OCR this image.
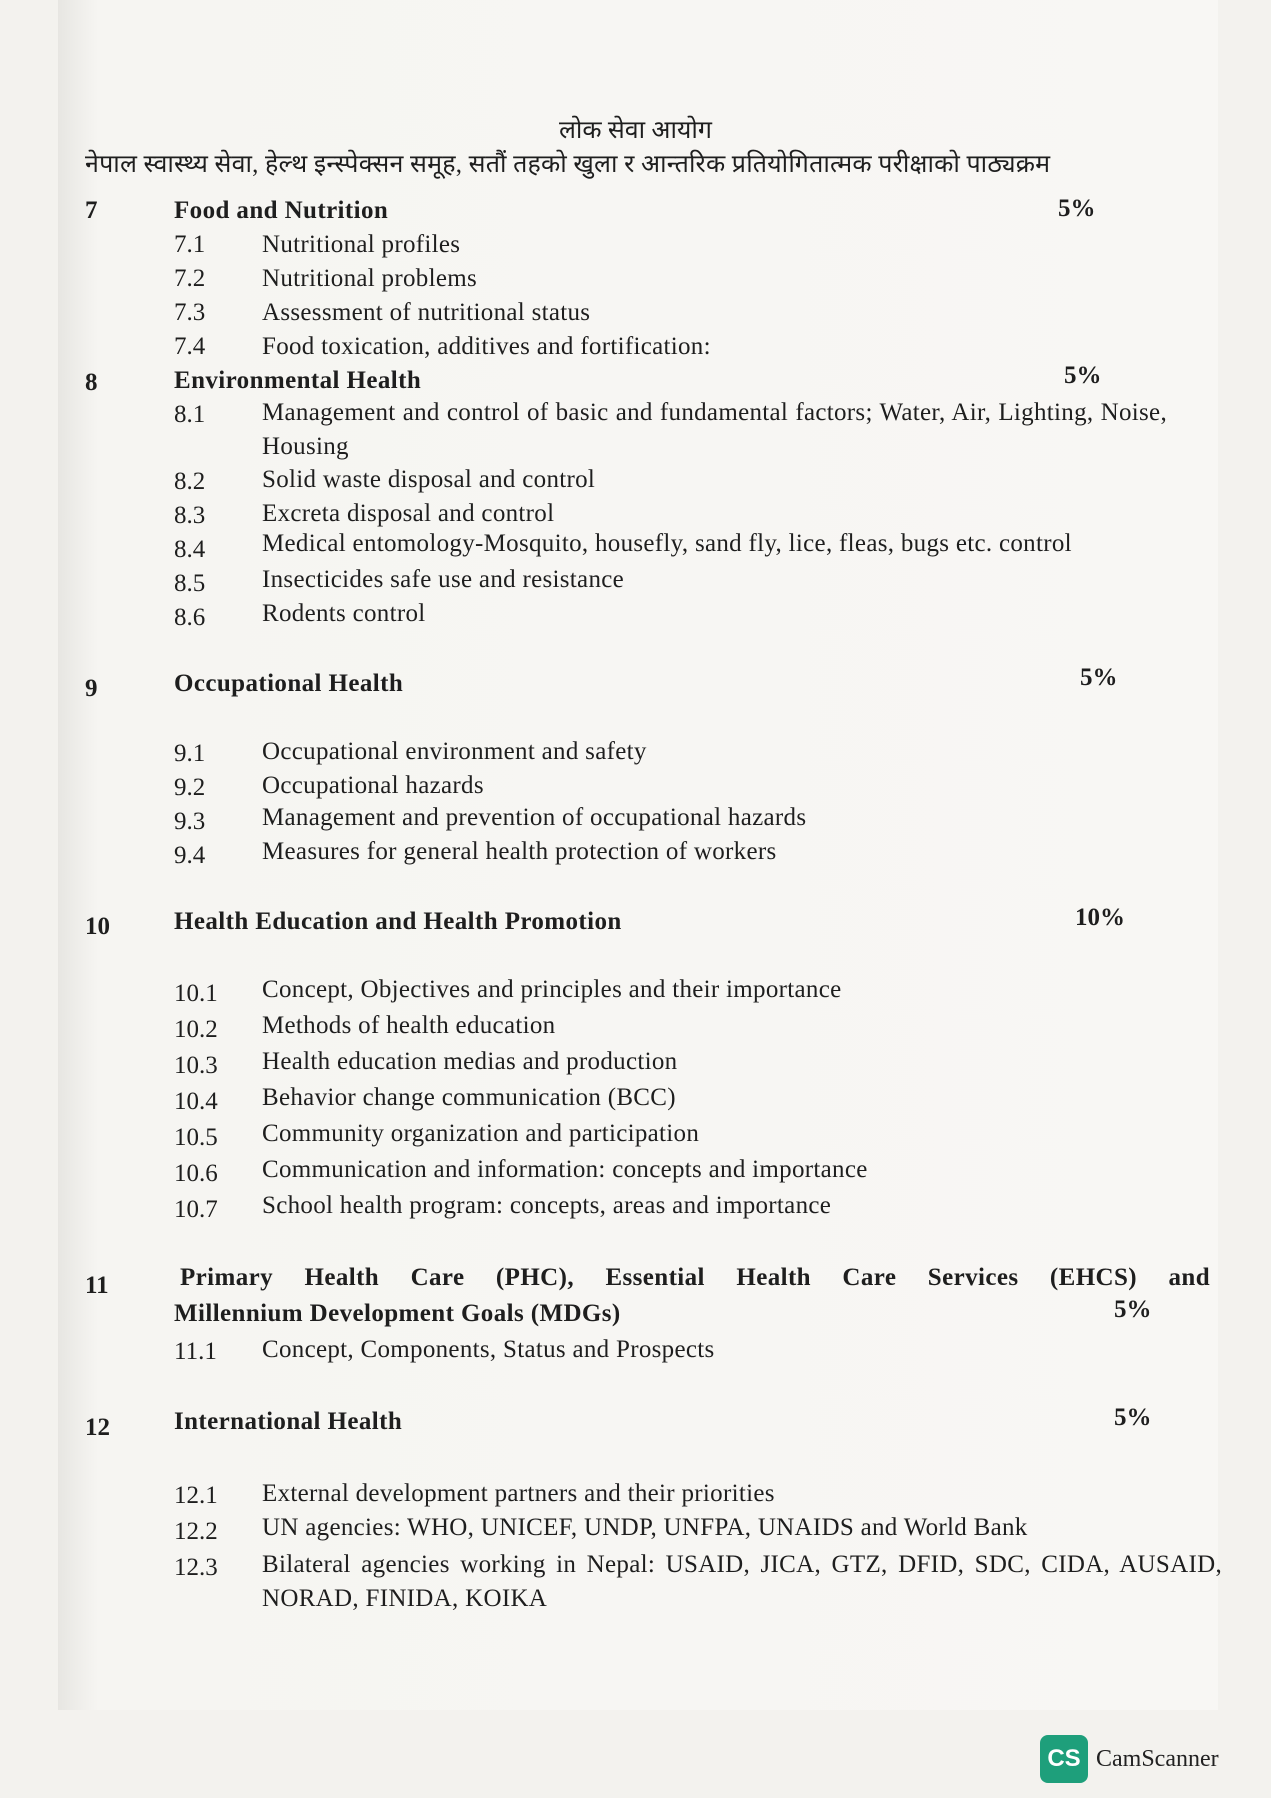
लोक सेवा आयोग
नेपाल स्वास्थ्य सेवा, हेल्थ इन्स्पेक्सन समूह, सतौं तहको खुला र आन्तरिक प्रतियोगितात्मक परीक्षाको पाठ्यक्रम
7	Food and Nutrition	5%
7.1 Nutritional profiles
7.2 Nutritional problems
7.3 Assessment of nutritional status
7.4 Food toxication, additives and fortification:
8	Environmental Health	5%
8.1 Management and control of basic and fundamental factors; Water, Air, Lighting, Noise, Housing
8.2 Solid waste disposal and control
8.3 Excreta disposal and control
8.4 Medical entomology-Mosquito, housefly, sand fly, lice, fleas, bugs etc. control
8.5 Insecticides safe use and resistance
8.6 Rodents control
9	Occupational Health	5%
9.1 Occupational environment and safety
9.2 Occupational hazards
9.3 Management and prevention of occupational hazards
9.4 Measures for general health protection of workers
10	Health Education and Health Promotion	10%
10.1 Concept, Objectives and principles and their importance
10.2 Methods of health education
10.3 Health education medias and production
10.4 Behavior change communication (BCC)
10.5 Community organization and participation
10.6 Communication and information: concepts and importance
10.7 School health program: concepts, areas and importance
11	Primary Health Care (PHC), Essential Health Care Services (EHCS) and
Millennium Development Goals (MDGs)	5%
11.1 Concept, Components, Status and Prospects
12	International Health	5%
12.1 External development partners and their priorities
12.2 UN agencies: WHO, UNICEF, UNDP, UNFPA, UNAIDS and World Bank
12.3 Bilateral agencies working in Nepal: USAID, JICA, GTZ, DFID, SDC, CIDA, AUSAID, NORAD, FINIDA, KOIKA
CS CamScanner
